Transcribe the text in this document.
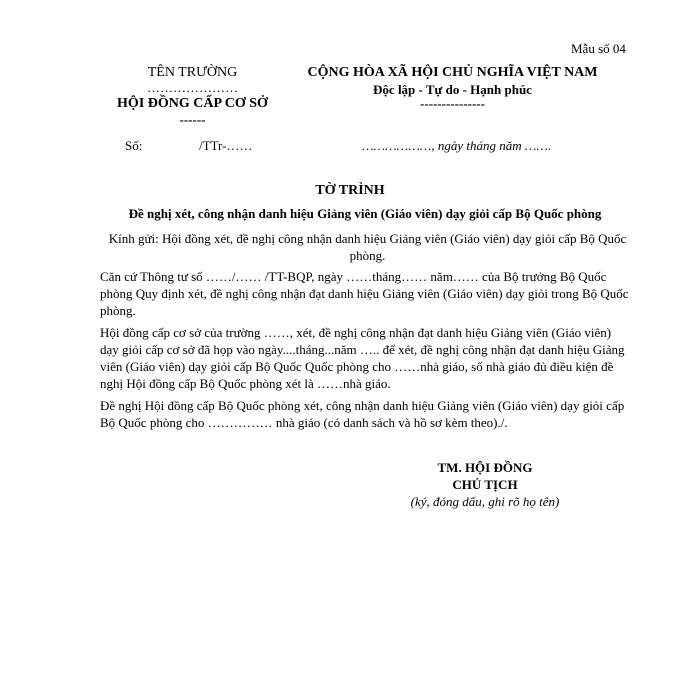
Mẫu số 04
TÊN TRƯỜNG
…………………
HỘI ĐỒNG CẤP CƠ SỞ
------
CỘNG HÒA XÃ HỘI CHỦ NGHĨA VIỆT NAM
Độc lập - Tự do - Hạnh phúc
---------------
Số:	/TTr-……	………………, ngày tháng năm …….
TỜ TRÌNH
Đề nghị xét, công nhận danh hiệu Giảng viên (Giáo viên) dạy giỏi cấp Bộ Quốc phòng
Kính gửi: Hội đồng xét, đề nghị công nhận danh hiệu Giảng viên (Giáo viên) dạy giỏi cấp Bộ Quốc phòng.
Căn cứ Thông tư số ……/…… /TT-BQP, ngày ……tháng…… năm…… của Bộ trưởng Bộ Quốc phòng Quy định xét, đề nghị công nhận đạt danh hiệu Giảng viên (Giáo viên) dạy giỏi trong Bộ Quốc phòng.
Hội đồng cấp cơ sở của trường ……, xét, đề nghị công nhận đạt danh hiệu Giảng viên (Giáo viên) dạy giỏi cấp cơ sở đã họp vào ngày....tháng...năm ….. để xét, đề nghị công nhận đạt danh hiệu Giảng viên (Giáo viên) dạy giỏi cấp Bộ Quốc Quốc phòng cho ……nhà giáo, số nhà giáo đủ điều kiện đề nghị Hội đồng cấp Bộ Quốc phòng xét là ……nhà giáo.
Đề nghị Hội đồng cấp Bộ Quốc phòng xét, công nhận danh hiệu Giảng viên (Giáo viên) dạy giỏi cấp Bộ Quốc phòng cho …………… nhà giáo (có danh sách và hồ sơ kèm theo)./.
TM. HỘI ĐỒNG
CHỦ TỊCH
(ký, đóng dấu, ghi rõ họ tên)
